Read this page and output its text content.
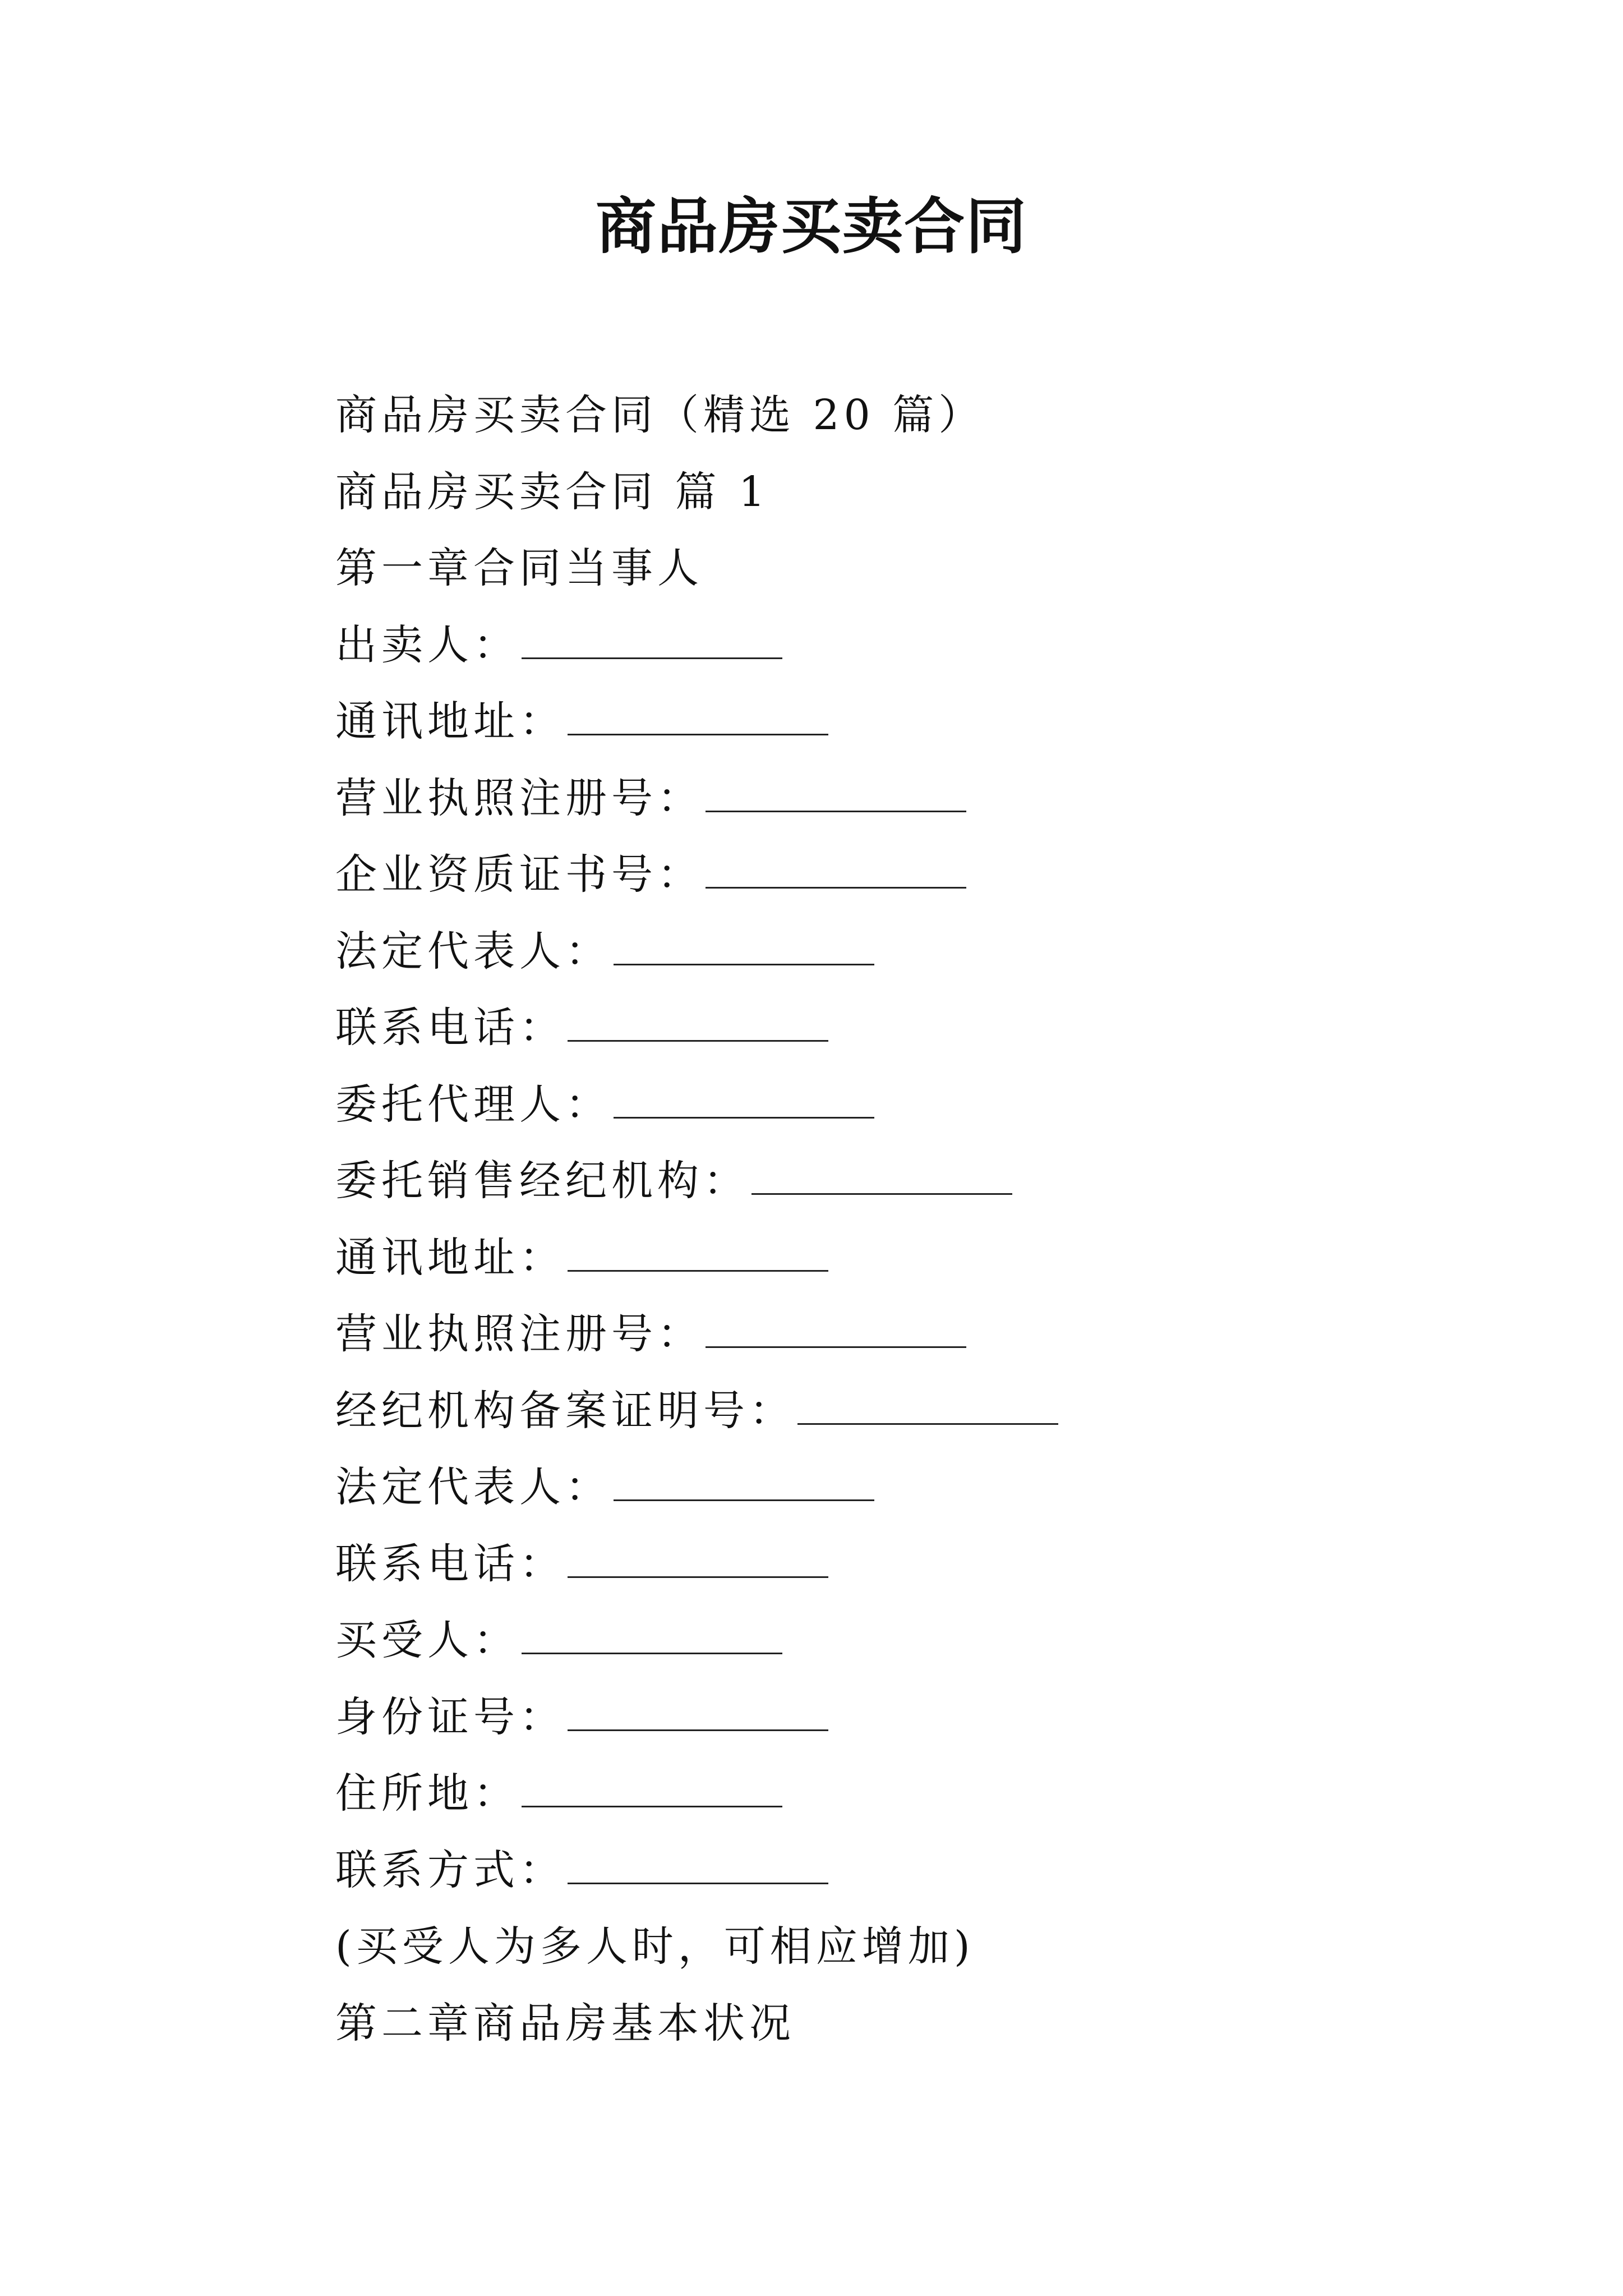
商品房买卖合同
商品房买卖合同（精选 20 篇）
商品房买卖合同 篇 1
第一章合同当事人
出卖人：
通讯地址：
营业执照注册号：
企业资质证书号：
法定代表人：
联系电话：
委托代理人：
委托销售经纪机构：
通讯地址：
营业执照注册号：
经纪机构备案证明号：
法定代表人：
联系电话：
买受人：
身份证号：
住所地：
联系方式：
(买受人为多人时，可相应增加)
第二章商品房基本状况
